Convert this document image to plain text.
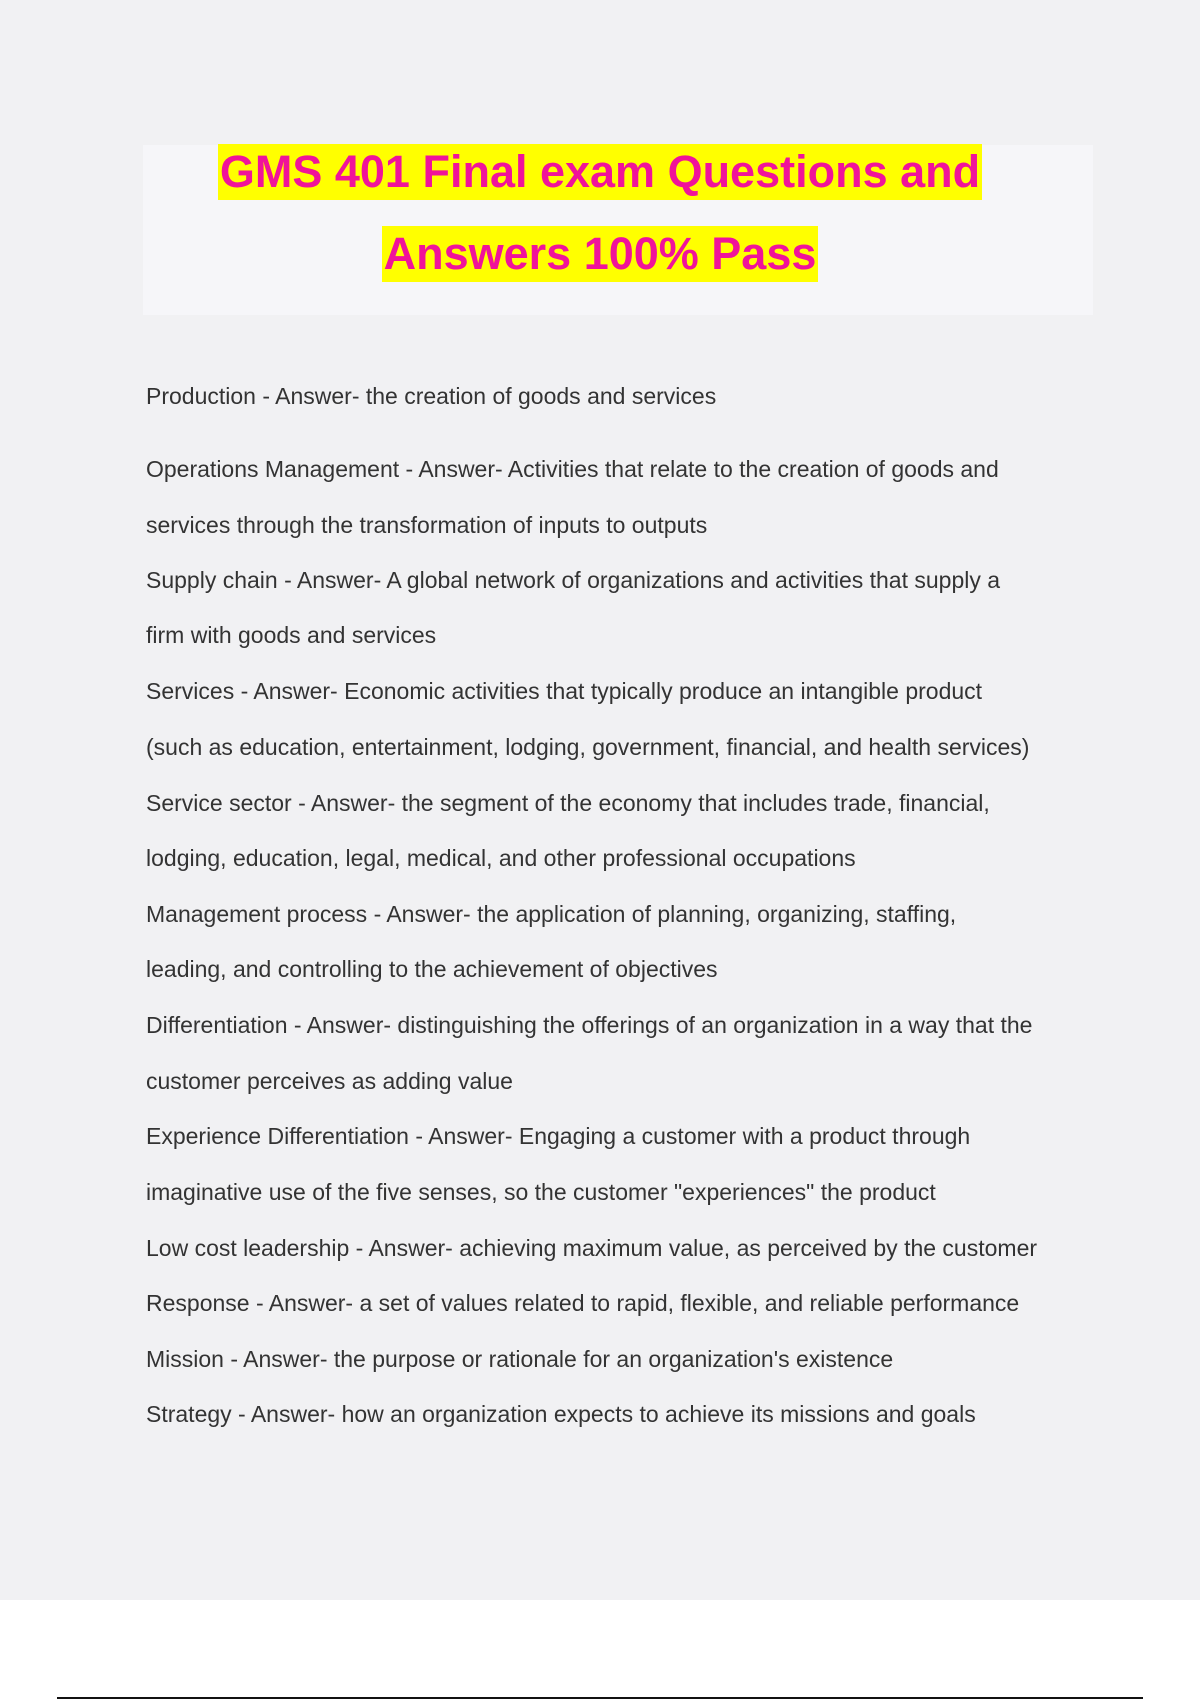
GMS 401 Final exam Questions and
Answers 100% Pass
Production - Answer- the creation of goods and services
Operations Management - Answer- Activities that relate to the creation of goods and
services through the transformation of inputs to outputs
Supply chain - Answer- A global network of organizations and activities that supply a
firm with goods and services
Services - Answer- Economic activities that typically produce an intangible product
(such as education, entertainment, lodging, government, financial, and health services)
Service sector - Answer- the segment of the economy that includes trade, financial,
lodging, education, legal, medical, and other professional occupations
Management process - Answer- the application of planning, organizing, staffing,
leading, and controlling to the achievement of objectives
Differentiation - Answer- distinguishing the offerings of an organization in a way that the
customer perceives as adding value
Experience Differentiation - Answer- Engaging a customer with a product through
imaginative use of the five senses, so the customer "experiences" the product
Low cost leadership - Answer- achieving maximum value, as perceived by the customer
Response - Answer- a set of values related to rapid, flexible, and reliable performance
Mission - Answer- the purpose or rationale for an organization's existence
Strategy - Answer- how an organization expects to achieve its missions and goals
